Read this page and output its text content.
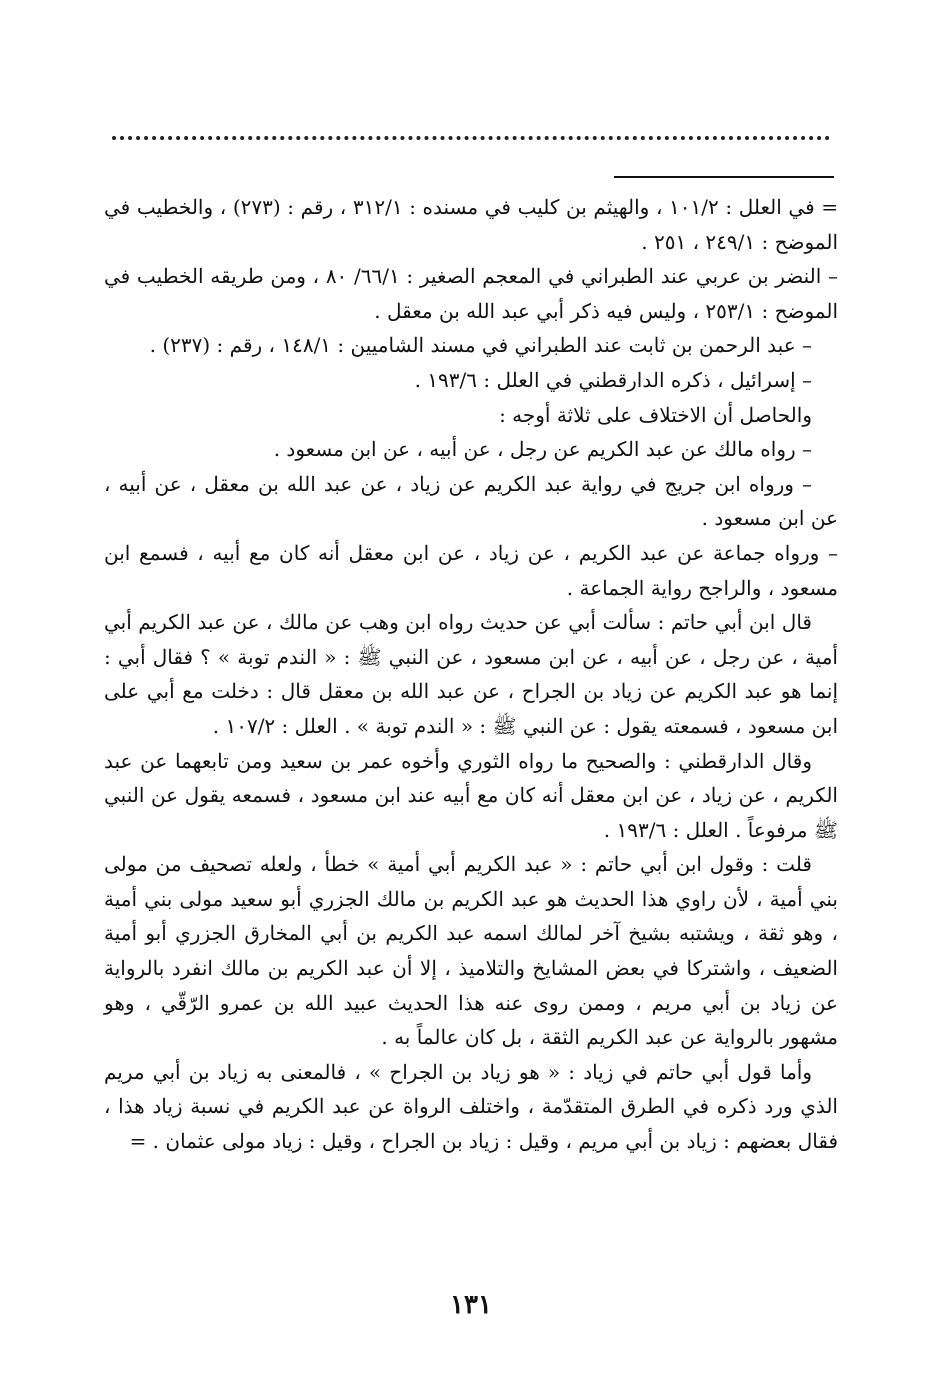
= في العلل : ١٠١/٢ ، والهيثم بن كليب في مسنده : ٣١٢/١ ، رقم : (٢٧٣) ، والخطيب في الموضح : ٢٤٩/١ ، ٢٥١ .

– النضر بن عربي عند الطبراني في المعجم الصغير : ٦٦/١/ ٨٠ ، ومن طريقه الخطيب في الموضح : ٢٥٣/١ ، وليس فيه ذكر أبي عبد الله بن معقل .

– عبد الرحمن بن ثابت عند الطبراني في مسند الشاميين : ١٤٨/١ ، رقم : (٢٣٧) .

– إسرائيل ، ذكره الدارقطني في العلل : ١٩٣/٦ .

والحاصل أن الاختلاف على ثلاثة أوجه :

– رواه مالك عن عبد الكريم عن رجل ، عن أبيه ، عن ابن مسعود .

– ورواه ابن جريج في رواية عبد الكريم عن زياد ، عن عبد الله بن معقل ، عن أبيه ، عن ابن مسعود .

– ورواه جماعة عن عبد الكريم ، عن زياد ، عن ابن معقل أنه كان مع أبيه ، فسمع ابن مسعود ، والراجح رواية الجماعة .

قال ابن أبي حاتم : سألت أبي عن حديث رواه ابن وهب عن مالك ، عن عبد الكريم أبي أمية ، عن رجل ، عن أبيه ، عن ابن مسعود ، عن النبي ﷺ : « الندم توبة » ؟ فقال أبي : إنما هو عبد الكريم عن زياد بن الجراح ، عن عبد الله بن معقل قال : دخلت مع أبي على ابن مسعود ، فسمعته يقول : عن النبي ﷺ : « الندم توبة » . العلل : ١٠٧/٢ .

وقال الدارقطني : والصحيح ما رواه الثوري وأخوه عمر بن سعيد ومن تابعهما عن عبد الكريم ، عن زياد ، عن ابن معقل أنه كان مع أبيه عند ابن مسعود ، فسمعه يقول عن النبي ﷺ مرفوعاً . العلل : ١٩٣/٦ .

قلت : وقول ابن أبي حاتم : « عبد الكريم أبي أمية » خطأ ، ولعله تصحيف من مولى بني أمية ، لأن راوي هذا الحديث هو عبد الكريم بن مالك الجزري أبو سعيد مولى بني أمية ، وهو ثقة ، ويشتبه بشيخ آخر لمالك اسمه عبد الكريم بن أبي المخارق الجزري أبو أمية الضعيف ، واشتركا في بعض المشايخ والتلاميذ ، إلا أن عبد الكريم بن مالك انفرد بالرواية عن زياد بن أبي مريم ، وممن روى عنه هذا الحديث عبيد الله بن عمرو الرّقّي ، وهو مشهور بالرواية عن عبد الكريم الثقة ، بل كان عالماً به .

وأما قول أبي حاتم في زياد : « هو زياد بن الجراح » ، فالمعنى به زياد بن أبي مريم الذي ورد ذكره في الطرق المتقدّمة ، واختلف الرواة عن عبد الكريم في نسبة زياد هذا ، فقال بعضهم : زياد بن أبي مريم ، وقيل : زياد بن الجراح ، وقيل : زياد مولى عثمان . =

١٣١
